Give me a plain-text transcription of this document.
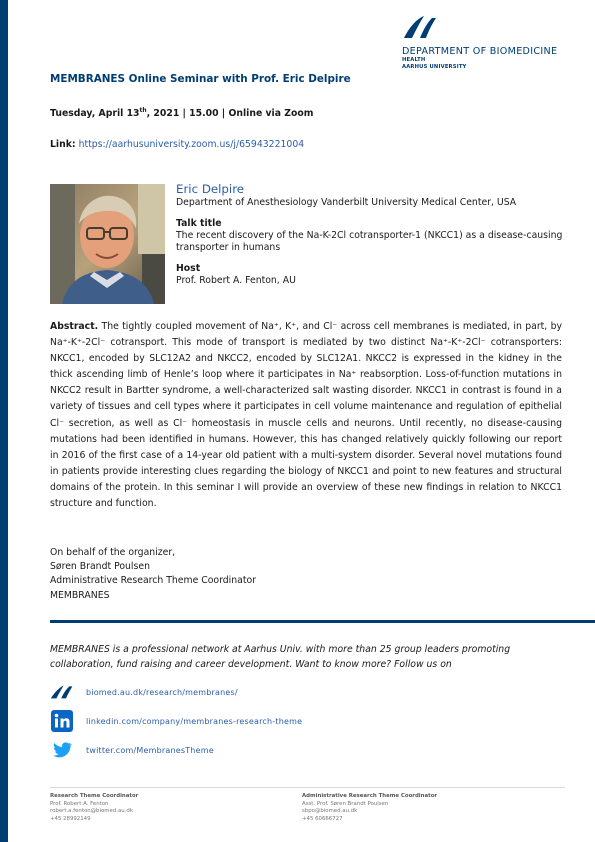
DEPARTMENT OF BIOMEDICINE
HEALTH
AARHUS UNIVERSITY
MEMBRANES Online Seminar with Prof. Eric Delpire
Tuesday, April 13th, 2021 | 15.00 | Online via Zoom
Link: https://aarhusuniversity.zoom.us/j/65943221004
Eric Delpire
Department of Anesthesiology Vanderbilt University Medical Center, USA
Talk title
The recent discovery of the Na-K-2Cl cotransporter-1 (NKCC1) as a disease-causing transporter in humans
Host
Prof. Robert A. Fenton, AU
Abstract. The tightly coupled movement of Na⁺, K⁺, and Cl⁻ across cell membranes is mediated, in part, by Na⁺-K⁺-2Cl⁻ cotransport. This mode of transport is mediated by two distinct Na⁺-K⁺-2Cl⁻ cotransporters: NKCC1, encoded by SLC12A2 and NKCC2, encoded by SLC12A1. NKCC2 is expressed in the kidney in the thick ascending limb of Henle’s loop where it participates in Na⁺ reabsorption. Loss-of-function mutations in NKCC2 result in Bartter syndrome, a well-characterized salt wasting disorder. NKCC1 in contrast is found in a variety of tissues and cell types where it participates in cell volume maintenance and regulation of epithelial Cl⁻ secretion, as well as Cl⁻ homeostasis in muscle cells and neurons. Until recently, no disease-causing mutations had been identified in humans. However, this has changed relatively quickly following our report in 2016 of the first case of a 14-year old patient with a multi-system disorder. Several novel mutations found in patients provide interesting clues regarding the biology of NKCC1 and point to new features and structural domains of the protein. In this seminar I will provide an overview of these new findings in relation to NKCC1 structure and function.
On behalf of the organizer,
Søren Brandt Poulsen
Administrative Research Theme Coordinator
MEMBRANES
MEMBRANES is a professional network at Aarhus Univ. with more than 25 group leaders promoting collaboration, fund raising and career development. Want to know more? Follow us on
biomed.au.dk/research/membranes/
linkedin.com/company/membranes-research-theme
twitter.com/MembranesTheme
Research Theme Coordinator
Prof. Robert A. Fenton
robert.a.fenton@biomed.au.dk
+45 28992149
Administrative Research Theme Coordinator
Asst. Prof. Søren Brandt Poulsen
sbpo@biomed.au.dk
+45 60666727
